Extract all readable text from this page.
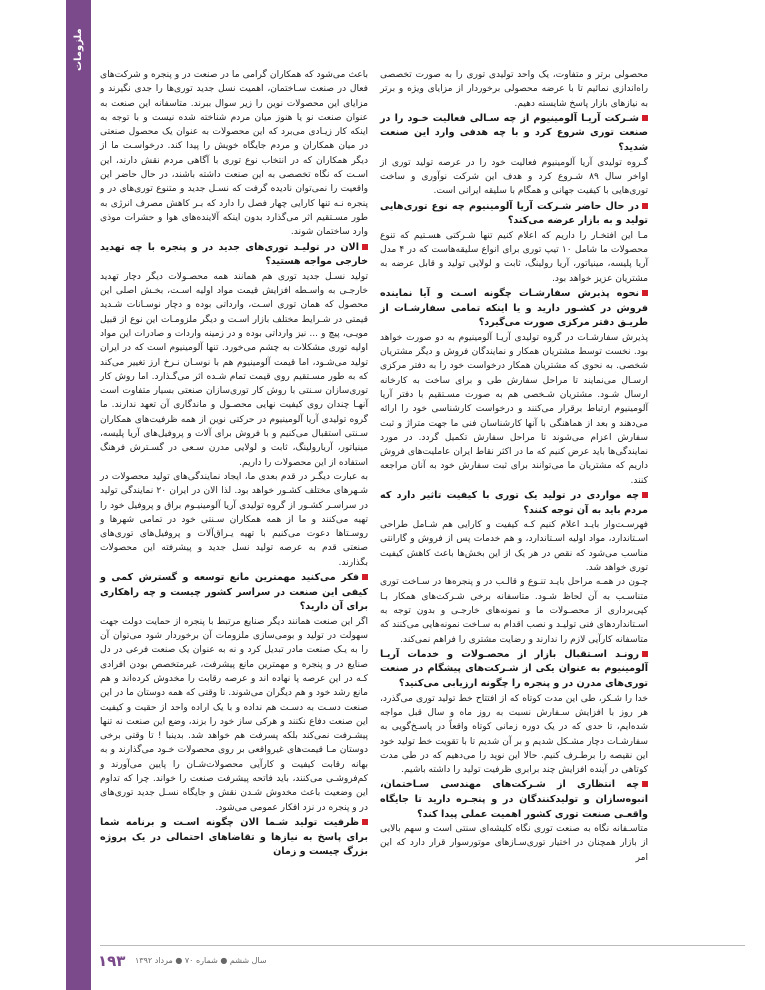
ملزومات

محصولی برتر و متفاوت، یک واحد تولیدی توری را به صورت تخصصی راه‌اندازی نمائیم تا با عرضه محصولی برخوردار از مزایای ویژه و برتر به نیازهای بازار پاسخ شایسته دهیم.

شـرکت آریـا آلومینیوم از چه سـالی فعالیت خـود را در صنعت توری شروع کرد و با چه هدفی وارد این صنعت شدید؟

گـروه تولیدی آریا آلومینیوم فعالیت خود را در عرصه تولید توری از اواخر سال ۸۹ شـروع کرد و هدف این شرکت نوآوری و ساخت توری‌هایی با کیفیت جهانی و همگام با سلیقه ایرانی است.

در حال حاضر شـرکت آریا آلومینیوم چه نوع توری‌هایی تولید و به بازار عرضه می‌کند؟

مـا این افتخـار را داریم که اعلام کنیم تنها شـرکتی هسـتیم که تنوع محصولات ما شامل ۱۰ تیپ توری برای انواع سلیقه‌هاست که در ۴ مدل آریا پلیسه، مینیاتور، آریا رولینگ، ثابت و لولایی تولید و قابل عرضه به مشتریان عزیز خواهد بود.

نحوه پذیرش سفارشـات چگونه اسـت و آیا نماینده فروش در کشـور دارید و یا اینکه تمامی سفارشـات از طریـق دفتر مرکزی صورت می‌گیرد؟

پذیرش سفارشـات در گروه تولیدی آریـا آلومینیوم به دو صورت خواهد بود. نخست توسط مشتریان همکار و نمایندگان فروش و دیگر مشتریان شخصی. به نحوی که مشتریان همکار درخواست خود را به دفتر مرکزی ارسـال می‌نمایند تا مراحل سفارش طی و برای ساخت به کارخانه ارسال شـود. مشتریان شـخصی هم به صورت مسـتقیم با دفتر آریا آلومینیوم ارتباط برقرار می‌کنند و درخواست کارشناسی خود را ارائه می‌دهند و بعد از هماهنگی با آنها کارشناسان فنی ما جهت متراژ و ثبت سفارش اعزام می‌شوند تا مراحل سفارش تکمیل گردد. در مورد نمایندگی‌ها باید عرض کنیم که ما در اکثر نقاط ایران عاملیت‌های فروش داریم که مشتریان ما می‌توانند برای ثبت سفارش خود به آنان مراجعه کنند.

چه مواردی در تولید یک توری با کیفیت تاثیر دارد که مردم باید به آن توجه کنند؟

فهرسـت‌وار بایـد اعلام کنیم کـه کیفیت و کارایی هم شـامل طراحی اسـتاندارد، مواد اولیه اسـتاندارد، و هم خدمات پس از فروش و گارانتی مناسب می‌شود که نقص در هر یک از این بخش‌ها باعث کاهش کیفیت توری خواهد شد.

چـون در همـه مراحل بایـد تنـوع و قالـب در و پنجره‌ها در سـاخت توری متناسـب به آن لحاظ شـود. متاسفانه برخی شـرکت‌های همکار بـا کپی‌برداری از محصـولات ما و نمونه‌های خارجـی و بدون توجه به اسـتانداردهای فنی تولیـد و نصب اقدام به سـاخت نمونه‌هایی می‌کنند که متاسفانه کارآیی لازم را ندارند و رضایت مشتری را فراهم نمی‌کند.

رونـد اسـتقبال بازار از محصـولات و خدمات آریـا آلومینیوم به عنوان یکی از شـرکت‌های پیشگام در صنعت توری‌های مدرن در و پنجره را چگونه ارزیابی می‌کنید؟

خدا را شـکر، طی این مدت کوتاه که از افتتاح خط تولید توری می‌گذرد، هر روز با افزایش سـفارش نسبت به روز ماه و سال قبل مواجه شده‌ایم، تا حدی که در یک دوره زمانی کوتاه واقعاً در پاسـخ‌گویی به سفارشـات دچار مشـکل شدیم و بر آن شدیم تا با تقویت خط تولید خود این نقیصه را برطـرف کنیم. حالا این نوید را می‌دهیم که در طی مدت کوتاهی در آینده افزایش چند برابری ظرفیت تولید را داشته باشیم.

چه انتظاری از شـرکت‌های مهندسی سـاختمان، انبوه‌سازان و تولیدکنندگان در و پنجـره دارید تا جایگاه واقعـی صنعت توری کشور اهمیت عملی پیدا کند؟

متاسـفانه نگاه به صنعت توری نگاه کلیشه‌ای سنتی است و سهم بالایی از بازار همچنان در اختیار توری‌سـازهای موتورسوار قرار دارد که این امر

باعث می‌شود که همکاران گرامی ما در صنعت در و پنجره و شرکت‌های فعال در صنعت سـاختمان، اهمیت نسل جدید توری‌ها را جدی نگیرند و مزایای این محصولات نوین را زیر سوال ببرند. متاسفانه این صنعت به عنوان صنعت نو یا هنوز میان مردم شناخته شده نیست و با توجه به اینکه کار زیـادی می‌برد که این محصولات به عنوان یک محصول صنعتی در میان همکاران و مردم جایگاه خویش را پیدا کند. درخواسـت ما از دیگر همکاران که در انتخاب نوع توری با آگاهی مردم نقش دارند، این اسـت که نگاه تخصصی به این صنعت داشته باشند، در حال حاضر این واقعیت را نمی‌توان نادیده گرفت که نسـل جدید و متنوع توری‌های در و پنجره نـه تنها کارایی چهار فصل را دارد که بـر کاهش مصرف انرژی به طور مسـتقیم اثر می‌گذارد بدون اینکه آلاینده‌های هوا و حشرات موذی وارد ساختمان شوند.

الان در تولیـد توری‌های جدید در و پنجره با چه تهدید خارجی مواجه هستید؟

تولید نسـل جدید توری هم همانند همه محصـولات دیگر دچار تهدید خارجـی به واسـطه افزایش قیمت مواد اولیه اسـت، بخـش اصلی این محصول که همان توری اسـت، وارداتی بوده و دچار نوسـانات شـدید قیمتی در شـرایط مختلف بازار اسـت و دیگر ملزومـات این نوع از قبیل مویـی، پیچ و ... نیز وارداتی بوده و در زمینه واردات و صادرات این مواد اولیه توری مشکلات به چشم می‌خورد. تنها آلومینیوم است که در ایران تولید می‌شـود، اما قیمت آلومینیوم هم با نوسـان نـرخ ارز تغییر می‌کند که به طور مسـتقیم روی قیمت تمام شـده اثر می‌گـذارد. اما روش کار توری‌سازان سـنتی با روش کار توری‌سازان صنعتی بسیار متفاوت است آنهـا چندان روی کیفیت نهایی محصـول و ماندگاری آن تعهد ندارند. ما گروه تولیدی آریا آلومینیوم در حرکتی نوین از همه ظرفیت‌های همکاران سـنتی استقبال می‌کنیم و با فروش برای آلات و پروفیل‌های آریا پلیسه، مینیاتور، آریارولینگ، ثابت و لولایی مدرن سـعی در گسـترش فرهنگ استفاده از این محصولات را داریم.

به عبارت دیگـر در قدم بعدی ما، ایجاد نمایندگی‌های تولید محصولات در شـهرهای مختلف کشـور خواهد بود. لذا الان در ایران ۲۰ نمایندگی تولید در سراسـر کشـور از گروه تولیدی آریا آلومینیـوم براق و پروفیل خود را تهیه می‌کنند و ما از همه همکاران سـنتی خود در تمامی شهرها و روسـتاها دعوت می‌کنیم با تهیه یـراق‌آلات و پروفیل‌های توری‌های صنعتی قدم به عرصه تولید نسل جدید و پیشرفته این محصولات بگذارند.

فکر می‌کنید مهمترین مانع توسعه و گسترش کمی و کیفی این صنعت در سراسر کشور چیست و چه راهکاری برای آن دارید؟

اگر این صنعت همانند دیگر صنایع مرتبط با پنجره از حمایت دولت جهت سهولت در تولید و بومی‌سازی ملزومات آن برخوردار شود می‌توان آن را به یـک صنعت مادر تبدیل کرد و نه به عنوان یک صنعت فرعی در دل صنایع در و پنجره و مهمترین مانع پیشرفت، غیرمتخصص بودن افرادی کـه در این عرصه پا نهاده اند و عرصه رقابت را مخدوش کرده‌اند و هم مانع رشد خود و هم دیگران می‌شوند. تا وقتی که همه دوستان ما در این صنعت دسـت به دسـت هم نداده و با یک اراده واحد از حقیت و کیفیت این صنعت دفاع نکنند و هرکی ساز خود را بزند، وضع این صنعت نه تنها پیشـرفت نمی‌کند بلکه پسرفت هم خواهد شد. بدینبا ! تا وقتی برخی دوستان مـا قیمت‌های غیرواقعی بر روی محصولات خـود می‌گذارند و به بهانه رقابت کیفیت و کارآیی محصولات‌شـان را پایین می‌آورند و کم‌فروشـی می‌کنند، باید فاتحه پیشرفت صنعت را خواند. چرا که تداوم این وضعیت باعث مخدوش شـدن نقش و جایگاه نسـل جدید توری‌های در و پنجره در نزد افکار عمومی می‌شود.

ظرفیت تولید شـما الان چگونه اسـت و برنامه شما برای پاسخ به نیازها و تقاضاهای احتمالی در یک پروژه بزرگ چیست و زمان

۱۹۳ سال ششم ● شماره ۷۰ ● مرداد ۱۳۹۲
